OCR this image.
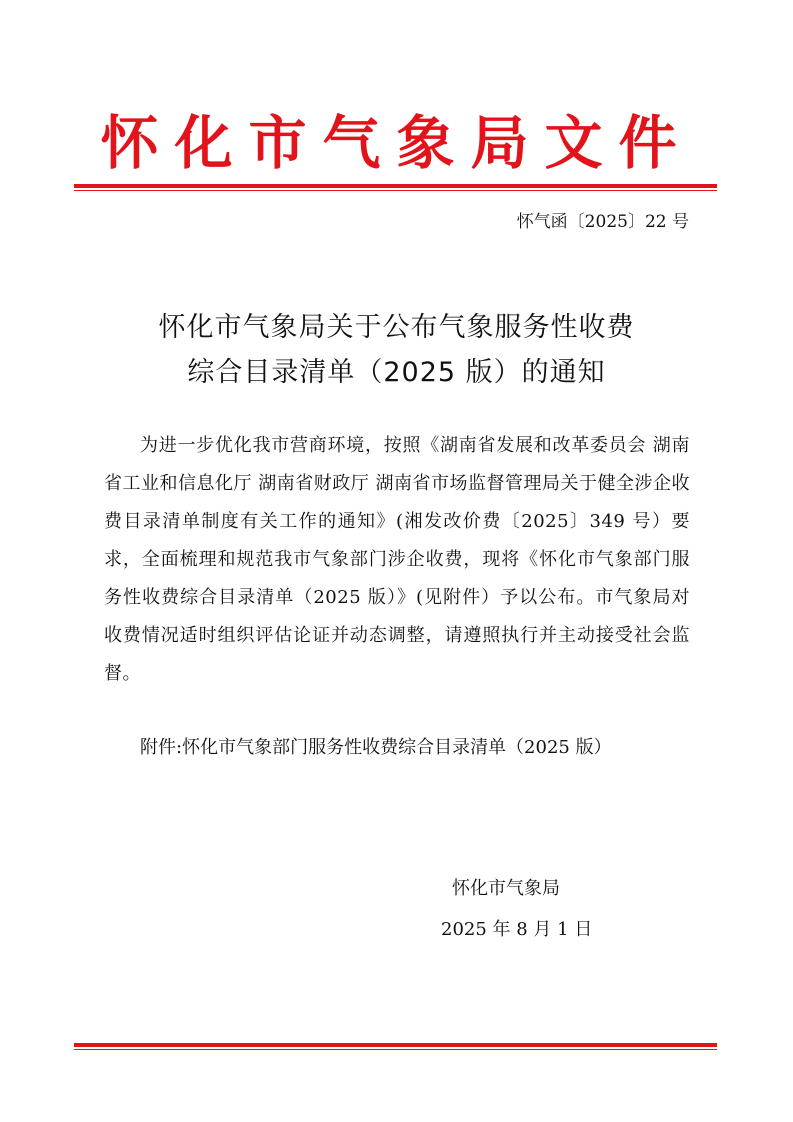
怀化市气象局文件
怀气函〔2025〕22 号
怀化市气象局关于公布气象服务性收费
综合目录清单（2025 版）的通知
为进一步优化我市营商环境，按照《湖南省发展和改革委员会 湖南省工业和信息化厅 湖南省财政厅 湖南省市场监督管理局关于健全涉企收费目录清单制度有关工作的通知》(湘发改价费〔2025〕349 号）要求，全面梳理和规范我市气象部门涉企收费，现将《怀化市气象部门服务性收费综合目录清单（2025 版）》(见附件）予以公布。市气象局对收费情况适时组织评估论证并动态调整，请遵照执行并主动接受社会监督。
附件:怀化市气象部门服务性收费综合目录清单（2025 版）
怀化市气象局
2025 年 8 月 1 日
